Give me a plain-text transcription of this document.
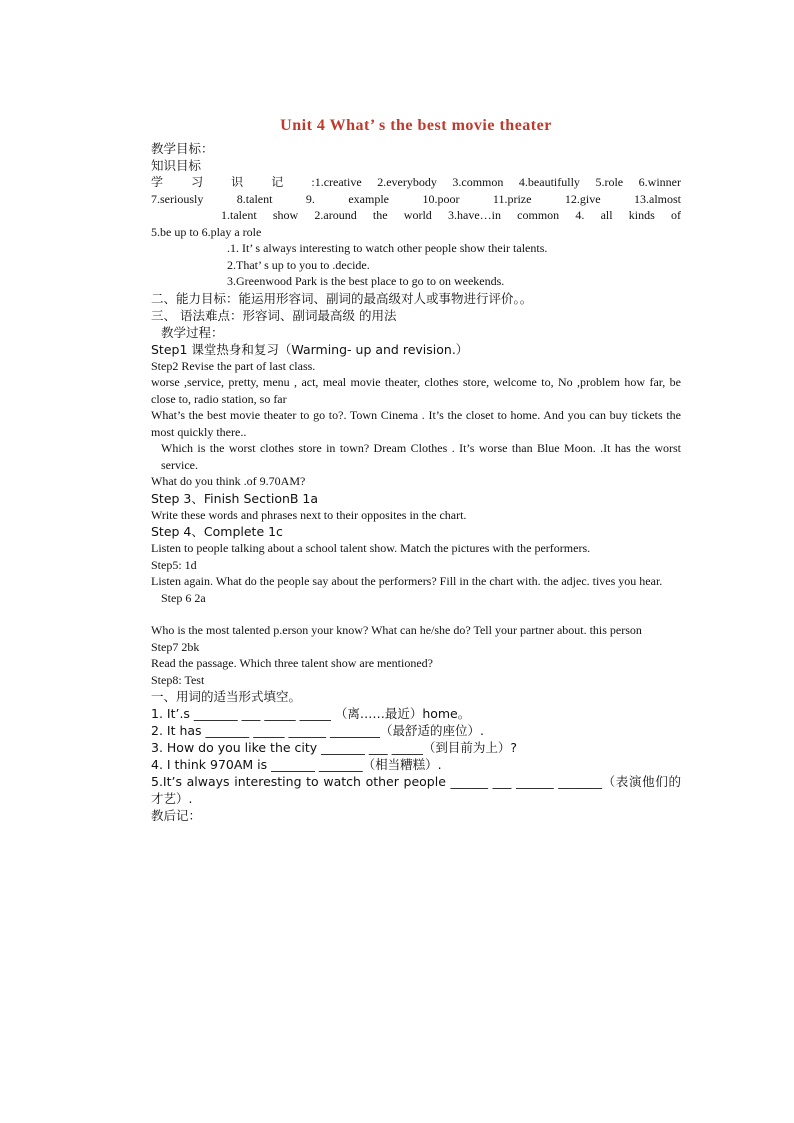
Unit 4 What’ s the best movie theater
教学目标：
知识目标
学 习 识 记 :1.creative 2.everybody 3.common 4.beautifully 5.role 6.winner
7.seriously 8.talent 9. example 10.poor 11.prize 12.give 13.almost
1.talent show 2.around the world 3.have…in common 4. all kinds of
5.be up to 6.play a role
.1. It’ s always interesting to watch other people show their talents.
2.That’ s up to you to .decide.
3.Greenwood Park is the best place to go to on weekends.
二、能力目标：能运用形容词、副词的最高级对人或事物进行评价。。
三、 语法难点：形容词、副词最高级 的用法
教学过程：
Step1 课堂热身和复习（Warming- up and revision.）
Step2 Revise the part of last class.
worse ,service, pretty, menu , act, meal movie theater, clothes store, welcome to, No ,problem how far, be close to, radio station, so far
What’s the best movie theater to go to?. Town Cinema . It’s the closet to home. And you can buy tickets the most quickly there..
Which is the worst clothes store in town? Dream Clothes . It’s worse than Blue Moon. .It has the worst service.
What do you think .of 9.70AM?
Step 3、Finish SectionB 1a
Write these words and phrases next to their opposites in the chart.
Step 4、Complete 1c
Listen to people talking about a school talent show. Match the pictures with the performers.
Step5: 1d
Listen again. What do the people say about the performers? Fill in the chart with. the adjec. tives you hear.
Step 6 2a
Who is the most talented p.erson your know? What can he/she do? Tell your partner about. this person
Step7 2bk
Read the passage. Which three talent show are mentioned?
Step8: Test
一、用词的适当形式填空。
1. It’.s _______ ___ _____ _____ （离……最近）home。
2. It has _______ _____ ______ ________（最舒适的座位）.
3. How do you like the city _______ ___ _____（到目前为上）?
4. I think 970AM is _______ _______（相当糟糕）.
5.It’s always interesting to watch other people ______ ___ ______ _______（表演他们的才艺）.
教后记：
